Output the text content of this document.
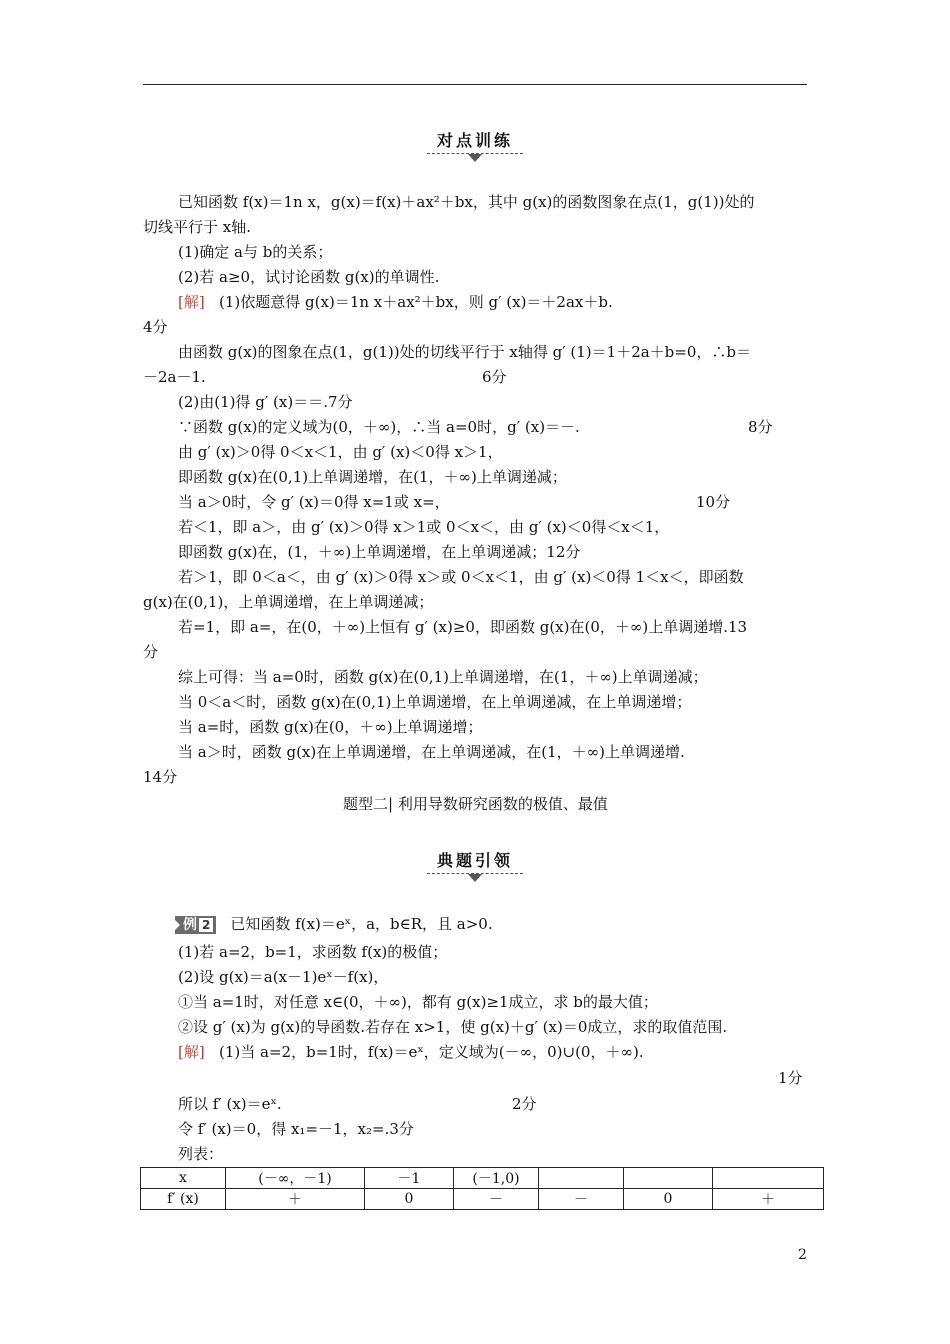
对点训练
已知函数 f(x)＝1n x，g(x)＝f(x)＋ax²＋bx，其中 g(x)的函数图象在点(1，g(1))处的
切线平行于 x轴.
(1)确定 a与 b的关系；
(2)若 a≥0，试讨论函数 g(x)的单调性.
[解] (1)依题意得 g(x)＝1n x＋ax²＋bx，则 g′ (x)＝＋2ax＋b.
4分
由函数 g(x)的图象在点(1，g(1))处的切线平行于 x轴得 g′ (1)＝1＋2a＋b=0，∴b＝
－2a－1.	6分
(2)由(1)得 g′ (x)＝＝.7分
∵函数 g(x)的定义域为(0，＋∞)，∴当 a=0时，g′ (x)＝－.	8分
由 g′ (x)＞0得 0＜x＜1，由 g′ (x)＜0得 x＞1，
即函数 g(x)在(0,1)上单调递增，在(1，＋∞)上单调递减；
当 a＞0时，令 g′ (x)＝0得 x=1或 x=，	10分
若＜1，即 a＞，由 g′ (x)＞0得 x＞1或 0＜x＜，由 g′ (x)＜0得＜x＜1，
即函数 g(x)在，(1，＋∞)上单调递增，在上单调递减；12分
若＞1，即 0＜a＜，由 g′ (x)＞0得 x＞或 0＜x＜1，由 g′ (x)＜0得 1＜x＜，即函数
g(x)在(0,1)，上单调递增，在上单调递减；
若=1，即 a=，在(0，＋∞)上恒有 g′ (x)≥0，即函数 g(x)在(0，＋∞)上单调递增.13
分
综上可得：当 a=0时，函数 g(x)在(0,1)上单调递增，在(1，＋∞)上单调递减；
当 0＜a＜时，函数 g(x)在(0,1)上单调递增，在上单调递减，在上单调递增；
当 a=时，函数 g(x)在(0，＋∞)上单调递增；
当 a＞时，函数 g(x)在上单调递增，在上单调递减，在(1，＋∞)上单调递增.
14分
题型二| 利用导数研究函数的极值、最值
典题引领
例 2 已知函数 f(x)＝eˣ，a，b∈R，且 a>0.
(1)若 a=2，b=1，求函数 f(x)的极值；
(2)设 g(x)＝a(x－1)eˣ－f(x)，
①当 a=1时，对任意 x∈(0，＋∞)，都有 g(x)≥1成立，求 b的最大值；
②设 g′ (x)为 g(x)的导函数.若存在 x>1，使 g(x)＋g′ (x)＝0成立，求的取值范围.
[解] (1)当 a=2，b=1时，f(x)＝eˣ，定义域为(－∞，0)∪(0，＋∞).
1分
所以 f′ (x)＝eˣ.	2分
令 f′ (x)＝0，得 x₁=－1，x₂=.3分
列表：
x	(－∞，－1)	－1	(－1,0)			
f′ (x)	＋	0	－	－	0	＋
2
